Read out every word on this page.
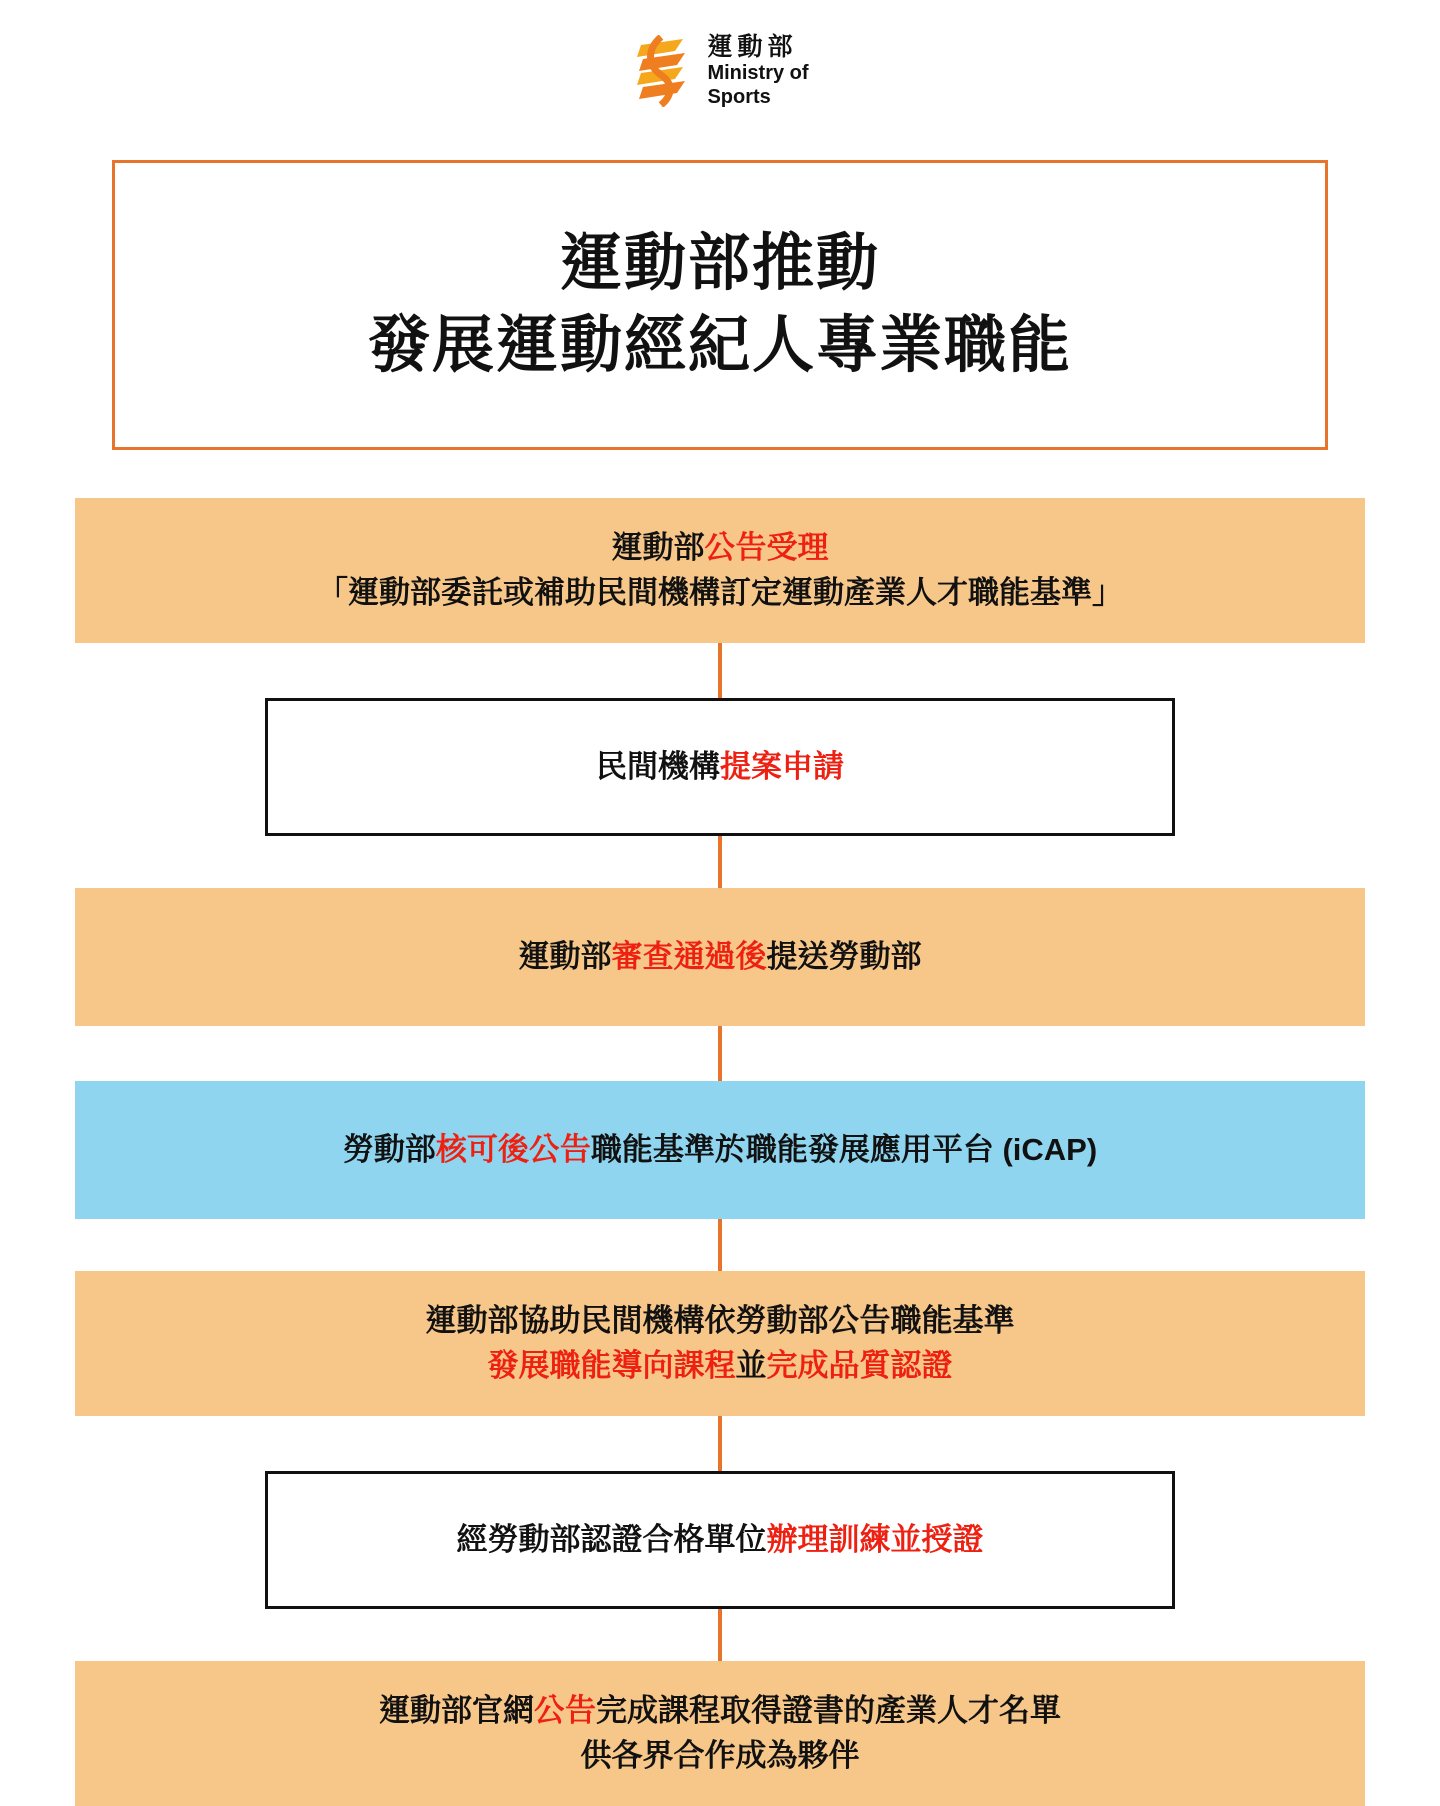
運動部
Ministry of
Sports
運動部推動
發展運動經紀人專業職能
運動部公告受理
「運動部委託或補助民間機構訂定運動產業人才職能基準」
民間機構提案申請
運動部審查通過後提送勞動部
勞動部核可後公告職能基準於職能發展應用平台 (iCAP)
運動部協助民間機構依勞動部公告職能基準
發展職能導向課程並完成品質認證
經勞動部認證合格單位辦理訓練並授證
運動部官網公告完成課程取得證書的產業人才名單
供各界合作成為夥伴
